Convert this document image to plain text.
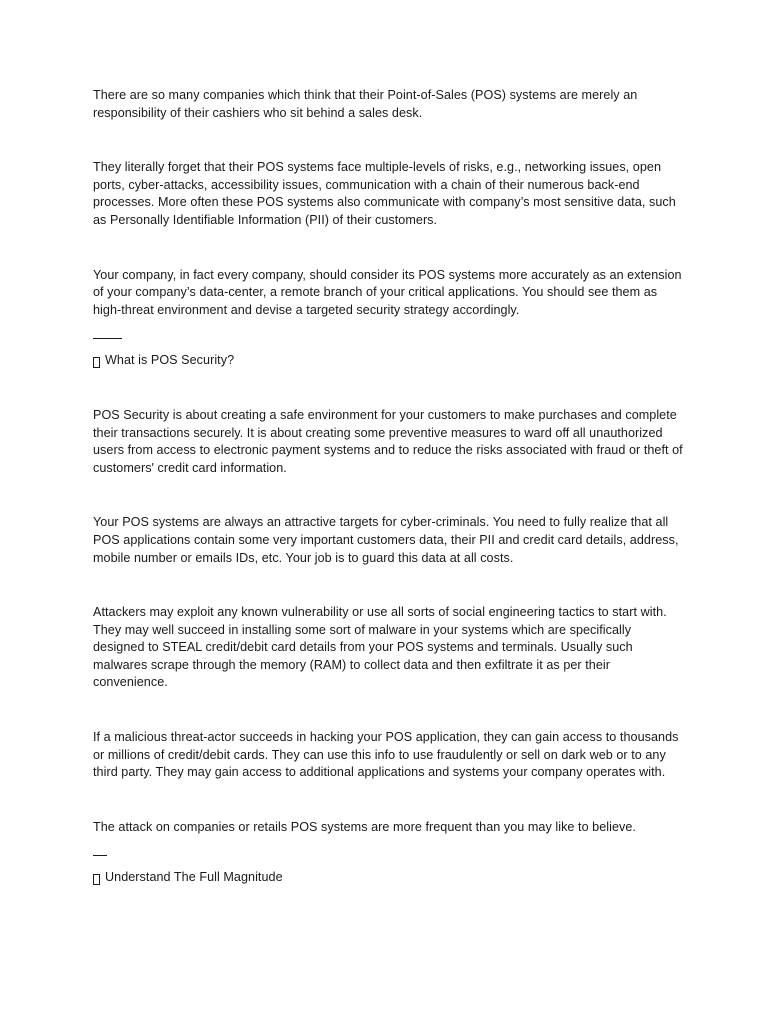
There are so many companies which think that their Point-of-Sales (POS) systems are merely an responsibility of their cashiers who sit behind a sales desk.

They literally forget that their POS systems face multiple-levels of risks, e.g., networking issues, open ports, cyber-attacks, accessibility issues, communication with a chain of their numerous back-end processes. More often these POS systems also communicate with company’s most sensitive data, such as Personally Identifiable Information (PII) of their customers.

Your company, in fact every company, should consider its POS systems more accurately as an extension of your company’s data-center, a remote branch of your critical applications. You should see them as high-threat environment and devise a targeted security strategy accordingly.

What is POS Security?

POS Security is about creating a safe environment for your customers to make purchases and complete their transactions securely. It is about creating some preventive measures to ward off all unauthorized users from access to electronic payment systems and to reduce the risks associated with fraud or theft of customers' credit card information.

Your POS systems are always an attractive targets for cyber-criminals. You need to fully realize that all POS applications contain some very important customers data, their PII and credit card details, address, mobile number or emails IDs, etc. Your job is to guard this data at all costs.

Attackers may exploit any known vulnerability or use all sorts of social engineering tactics to start with. They may well succeed in installing some sort of malware in your systems which are specifically designed to STEAL credit/debit card details from your POS systems and terminals. Usually such malwares scrape through the memory (RAM) to collect data and then exfiltrate it as per their convenience.

If a malicious threat-actor succeeds in hacking your POS application, they can gain access to thousands or millions of credit/debit cards. They can use this info to use fraudulently or sell on dark web or to any third party. They may gain access to additional applications and systems your company operates with.

The attack on companies or retails POS systems are more frequent than you may like to believe.

Understand The Full Magnitude
